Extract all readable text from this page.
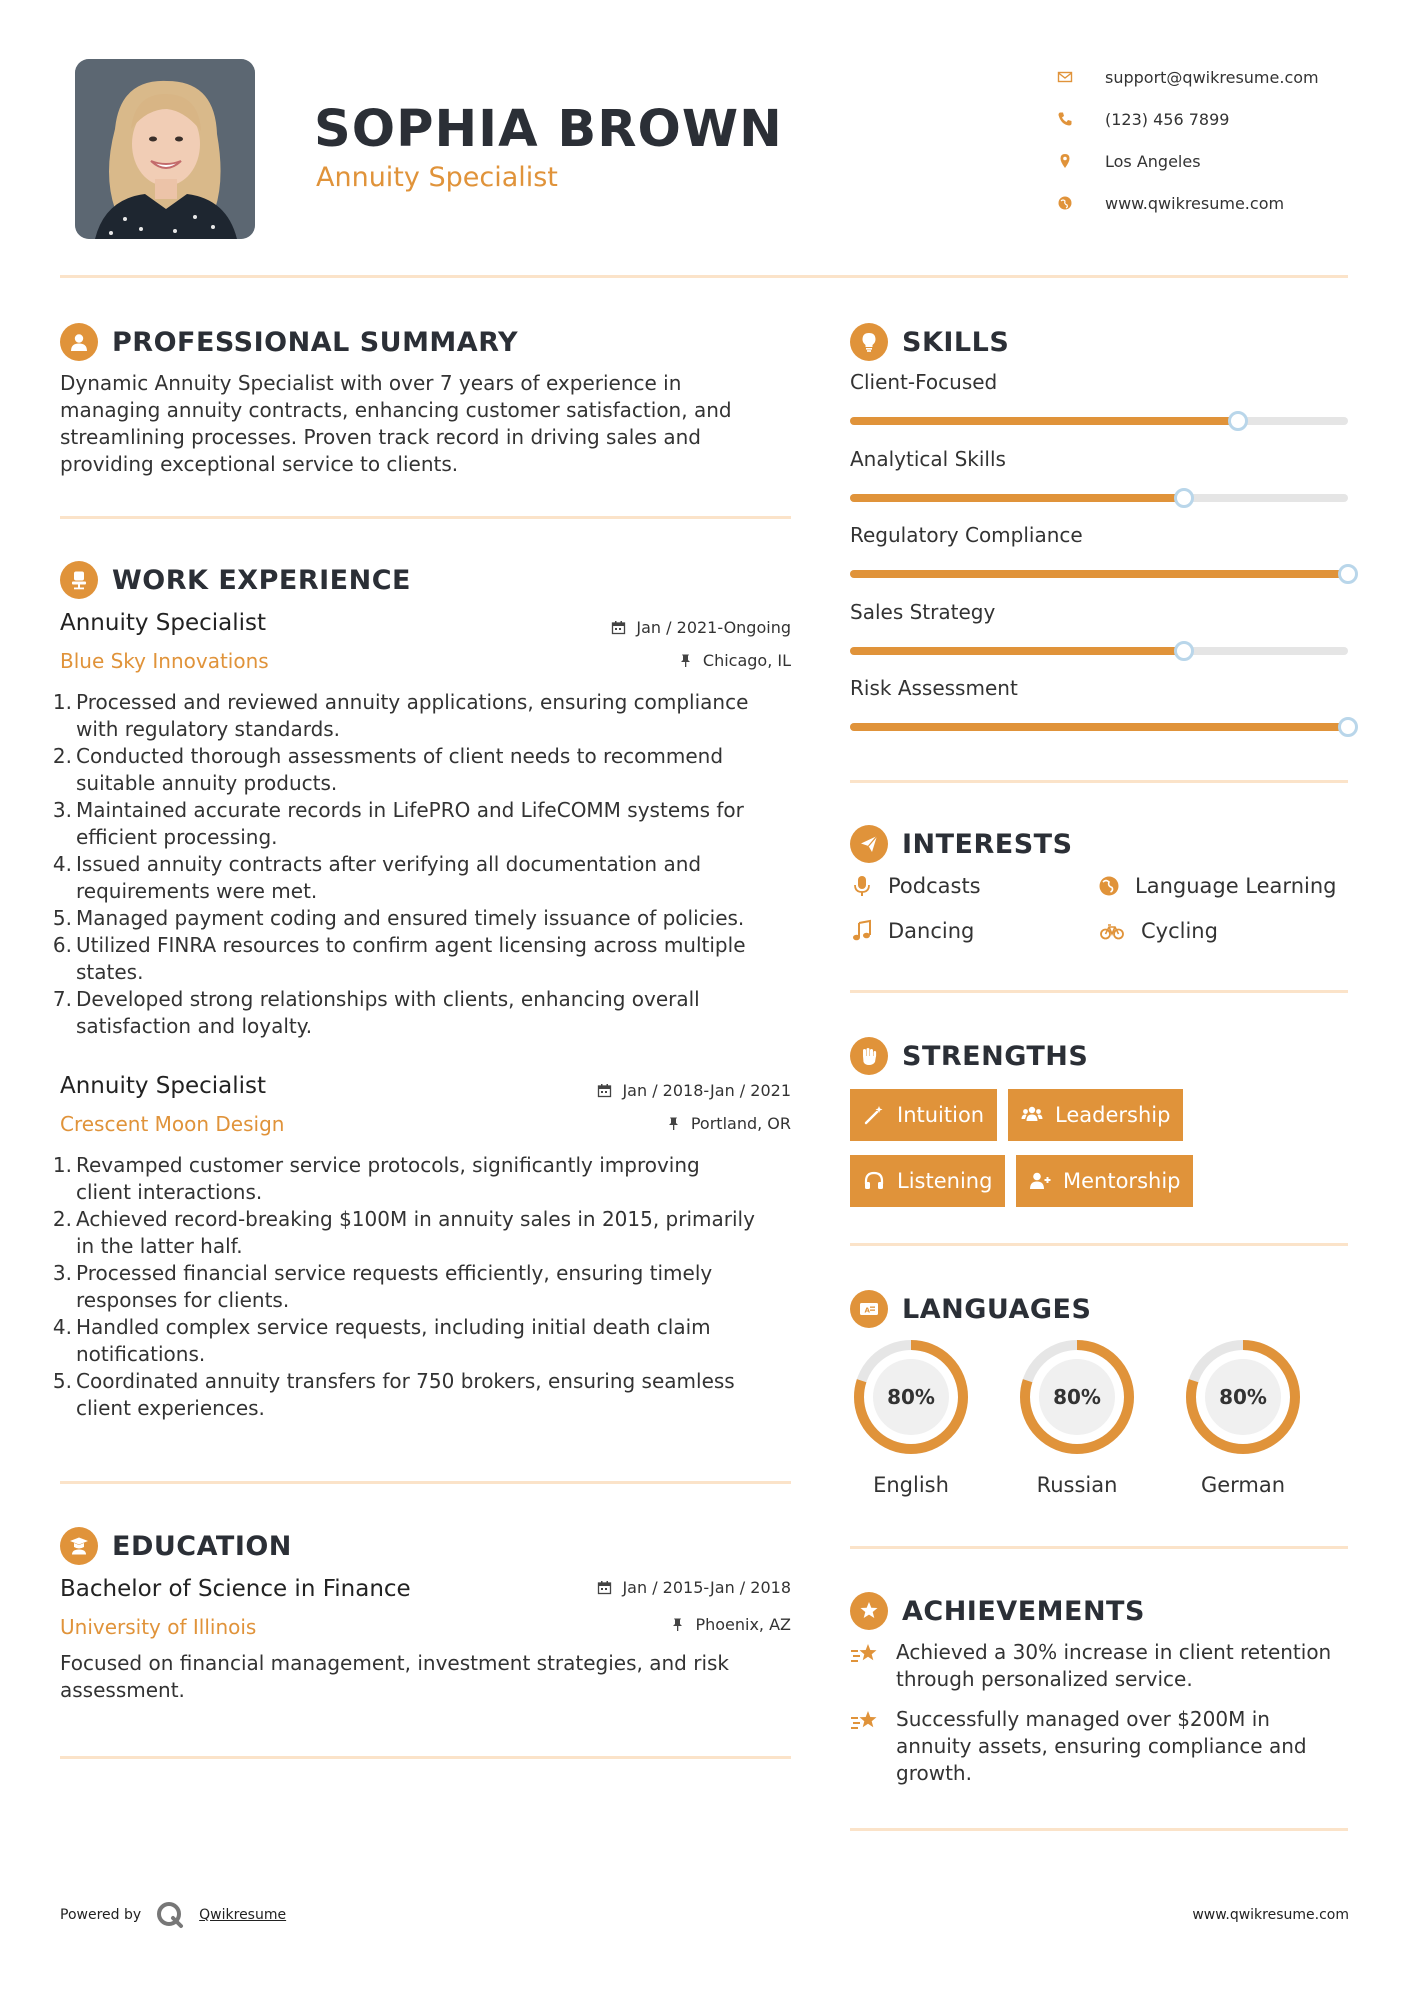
SOPHIA BROWN
Annuity Specialist
support@qwikresume.com
(123) 456 7899
Los Angeles
www.qwikresume.com
PROFESSIONAL SUMMARY
Dynamic Annuity Specialist with over 7 years of experience in
managing annuity contracts, enhancing customer satisfaction, and
streamlining processes. Proven track record in driving sales and
providing exceptional service to clients.
WORK EXPERIENCE
Annuity Specialist
Blue Sky Innovations
Jan / 2021-Ongoing
Chicago, IL
1. Processed and reviewed annuity applications, ensuring compliance
with regulatory standards.
2. Conducted thorough assessments of client needs to recommend
suitable annuity products.
3. Maintained accurate records in LifePRO and LifeCOMM systems for
efficient processing.
4. Issued annuity contracts after verifying all documentation and
requirements were met.
5. Managed payment coding and ensured timely issuance of policies.
6. Utilized FINRA resources to confirm agent licensing across multiple
states.
7. Developed strong relationships with clients, enhancing overall
satisfaction and loyalty.
Annuity Specialist
Crescent Moon Design
Jan / 2018-Jan / 2021
Portland, OR
1. Revamped customer service protocols, significantly improving
client interactions.
2. Achieved record-breaking $100M in annuity sales in 2015, primarily
in the latter half.
3. Processed financial service requests efficiently, ensuring timely
responses for clients.
4. Handled complex service requests, including initial death claim
notifications.
5. Coordinated annuity transfers for 750 brokers, ensuring seamless
client experiences.
EDUCATION
Bachelor of Science in Finance
University of Illinois
Jan / 2015-Jan / 2018
Phoenix, AZ
Focused on financial management, investment strategies, and risk
assessment.
SKILLS
Client-Focused
Analytical Skills
Regulatory Compliance
Sales Strategy
Risk Assessment
INTERESTS
Podcasts	Language Learning
Dancing	Cycling
STRENGTHS
Intuition	Leadership
Listening	Mentorship
A LANGUAGES
80%
English
80%
Russian
80%
German
ACHIEVEMENTS
Achieved a 30% increase in client retention
through personalized service.
Successfully managed over $200M in
annuity assets, ensuring compliance and
growth.
Powered by	Qwikresume	www.qwikresume.com
